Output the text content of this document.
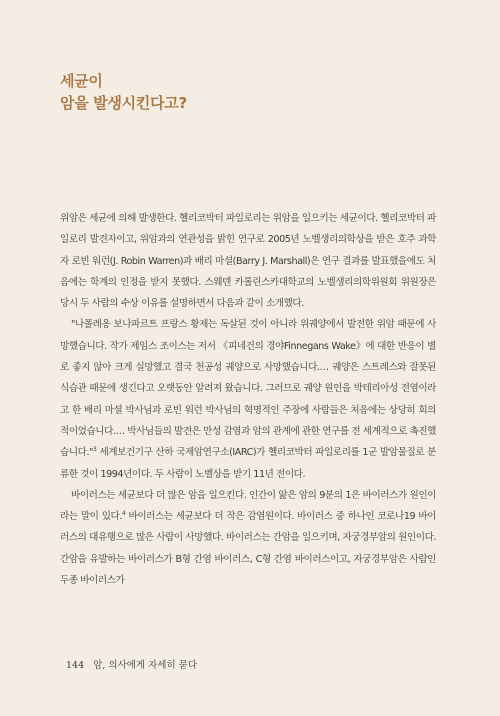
세균이
암을 발생시킨다고?

위암은 세균에 의해 발생한다. 헬리코박터 파일로리는 위암을 일으키는 세균이다. 헬리코박터 파일로리 발견자이고, 위암과의 연관성을 밝힌 연구로 2005년 노벨생리의학상을 받은 호주 과학자 로빈 워런(J. Robin Warren)과 배리 마셜(Barry J. Marshall)은 연구 결과를 발표했을에도 처음에는 학계의 인정을 받지 못했다. 스웨덴 카롤린스카대학교의 노벨생리의학위원회 위원장은 당시 두 사람의 수상 이유를 설명하면서 다음과 같이 소개했다.

"나폴레옹 보나파르트 프랑스 황제는 독살된 것이 아니라 위궤양에서 발전한 위암 때문에 사망했습니다. 작가 제임스 조이스는 저서 《피네건의 경야Finnegans Wake》에 대한 반응이 별로 좋지 않아 크게 실망했고 결국 천공성 궤양으로 사망했습니다.… 궤양은 스트레스와 잘못된 식습관 때문에 생긴다고 오랫동안 알려져 왔습니다. 그러므로 궤양 원인을 박테리아성 전염이라고 한 배리 마셜 박사님과 로빈 워런 박사님의 혁명적인 주장에 사람들은 처음에는 상당히 회의적이었습니다.… 박사님들의 발견은 만성 감염과 암의 관계에 관한 연구를 전 세계적으로 촉진했습니다."$^3$ 세계보건기구 산하 국제암연구소(IARC)가 헬리코박터 파일로리를 1군 발암물질로 분류한 것이 1994년이다. 두 사람이 노벨상을 받기 11년 전이다.

바이러스는 세균보다 더 많은 암을 일으킨다. 인간이 앓은 암의 9분의 1은 바이러스가 원인이라는 말이 있다.$^4$ 바이러스는 세균보다 더 작은 감염원이다. 바이러스 중 하나인 코로나19 바이러스의 대유행으로 많은 사람이 사망했다. 바이러스는 간암을 일으키며, 자궁경부암의 원인이다. 간암을 유발하는 바이러스가 B형 간염 바이러스, C형 간염 바이러스이고, 자궁경부암은 사람인두종 바이러스가

144 암, 의사에게 자세히 묻다
